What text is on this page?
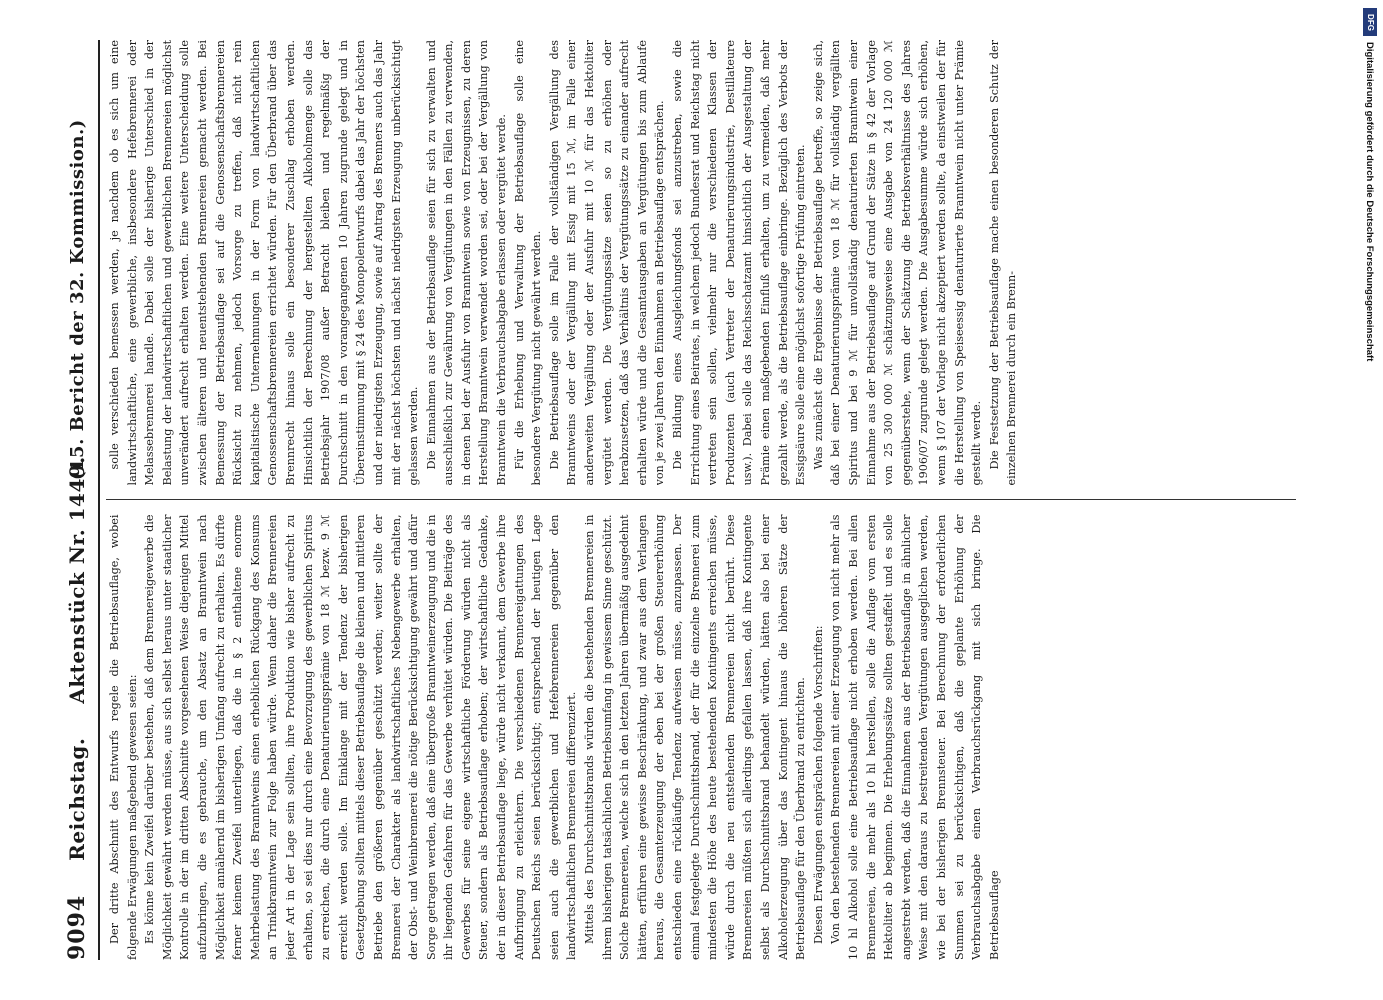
9094
Reichstag.
Aktenstück Nr. 1449.
(15. Bericht der 32. Kommission.)

Der dritte Abschnitt des Entwurfs regele die Betriebsauflage, wobei folgende Erwägungen maßgebend gewesen seien: Es könne kein Zweifel darüber bestehen, daß dem Brennereigewerbe die Möglichkeit gewährt werden müsse, aus sich selbst heraus unter staatlicher Kontrolle in der im dritten Abschnitte vorgesehenen Weise diejenigen Mittel aufzubringen, die es gebrauche, um den Absatz an Branntwein nach Möglichkeit annähernd im bisherigen Umfang aufrecht zu erhalten. Es dürfte ferner keinem Zweifel unterliegen, daß die in § 2 enthaltene enorme Mehrbelastung des Branntweins einen erheblichen Rückgang des Konsums an Trinkbranntwein zur Folge haben würde. Wenn daher die Brennereien jeder Art in der Lage sein sollten, ihre Produktion wie bisher aufrecht zu erhalten, so sei dies nur durch eine Bevorzugung des gewerblichen Spiritus zu erreichen, die durch eine Denaturierungsprämie von 18 ℳ bezw. 9 ℳ erreicht werden solle. Im Einklange mit der Tendenz der bisherigen Gesetzgebung sollten mittels dieser Betriebsauflage die kleinen und mittleren Betriebe den größeren gegenüber geschützt werden; weiter sollte der Brennerei der Charakter als landwirtschaftliches Nebengewerbe erhalten, der Obst- und Weinbrennerei die nötige Berücksichtigung gewährt und dafür Sorge getragen werden, daß eine übergroße Branntweinerzeugung und die in ihr liegenden Gefahren für das Gewerbe verhütet würden. Die Beiträge des Gewerbes für seine eigene wirtschaftliche Förderung würden nicht als Steuer, sondern als Betriebsauflage erhoben; der wirtschaftliche Gedanke, der in dieser Betriebsauflage liege, würde nicht verkannt, dem Gewerbe ihre Aufbringung zu erleichtern. Die verschiedenen Brennereigattungen des Deutschen Reichs seien berücksichtigt; entsprechend der heutigen Lage seien auch die gewerblichen und Hefebrennereien gegenüber den landwirtschaftlichen Brennereien differenziert. Mittels des Durchschnittsbrands würden die bestehenden Brennereien in ihrem bisherigen tatsächlichen Betriebsumfang in gewissem Sinne geschützt. Solche Brennereien, welche sich in den letzten Jahren übermäßig ausgedehnt hätten, erführen eine gewisse Beschränkung, und zwar aus dem Verlangen heraus, die Gesamterzeugung der eben bei der großen Steuererhöhung entschieden eine rückläufige Tendenz aufweisen müsse, anzupassen. Der einmal festgelegte Durchschnittsbrand, der für die einzelne Brennerei zum mindesten die Höhe des heute bestehenden Kontingents erreichen müsse, würde durch die neu entstehenden Brennereien nicht berührt. Diese Brennereien müßten sich allerdings gefallen lassen, daß ihre Kontingente selbst als Durchschnittsbrand behandelt würden, hätten also bei einer Alkoholerzeugung über das Kontingent hinaus die höheren Sätze der Betriebsauflage für den Überbrand zu entrichten. Diesen Erwägungen entsprächen folgende Vorschriften: Von den bestehenden Brennereien mit einer Erzeugung von nicht mehr als 10 hl Alkohol solle eine Betriebsauflage nicht erhoben werden. Bei allen Brennereien, die mehr als 10 hl herstellen, solle die Auflage vom ersten Hektoliter ab beginnen. Die Erhebungssätze sollten gestaffelt und es solle angestrebt werden, daß die Einnahmen aus der Betriebsauflage in ähnlicher Weise mit den daraus zu bestreitenden Vergütungen ausgeglichen werden, wie bei der bisherigen Brennsteuer. Bei Berechnung der erforderlichen Summen sei zu berücksichtigen, daß die geplante Erhöhung der Verbrauchsabgabe einen Verbrauchsrückgang mit sich bringe. Die Betriebsauflage

solle verschieden bemessen werden, je nachdem ob es sich um eine landwirtschaftliche, eine gewerbliche, insbesondere Hefebrennerei oder Melassebrennerei handle. Dabei solle der bisherige Unterschied in der Belastung der landwirtschaftlichen und gewerblichen Brennereien möglichst unverändert aufrecht erhalten werden. Eine weitere Unterscheidung solle zwischen älteren und neuentstehenden Brennereien gemacht werden. Bei Bemessung der Betriebsauflage sei auf die Genossenschaftsbrennereien Rücksicht zu nehmen, jedoch Vorsorge zu treffen, daß nicht rein kapitalistische Unternehmungen in der Form von landwirtschaftlichen Genossenschaftsbrennereien errichtet würden. Für den Überbrand über das Brennrecht hinaus solle ein besonderer Zuschlag erhoben werden. Hinsichtlich der Berechnung der hergestellten Alkoholmenge solle das Betriebsjahr 1907/08 außer Betracht bleiben und regelmäßig der Durchschnitt in den vorangegangenen 10 Jahren zugrunde gelegt und in Übereinstimmung mit § 24 des Monopolentwurfs dabei das Jahr der höchsten und der niedrigsten Erzeugung, sowie auf Antrag des Brenners auch das Jahr mit der nächst höchsten und nächst niedrigsten Erzeugung unberücksichtigt gelassen werden. Die Einnahmen aus der Betriebsauflage seien für sich zu verwalten und ausschließlich zur Gewährung von Vergütungen in den Fällen zu verwenden, in denen bei der Ausfuhr von Branntwein sowie von Erzeugnissen, zu deren Herstellung Branntwein verwendet worden sei, oder bei der Vergällung von Branntwein die Verbrauchsabgabe erlassen oder vergütet werde. Für die Erhebung und Verwaltung der Betriebsauflage solle eine besondere Vergütung nicht gewährt werden. Die Betriebsauflage solle im Falle der vollständigen Vergällung des Branntweins oder der Vergällung mit Essig mit 15 ℳ, im Falle einer anderweiten Vergällung oder der Ausfuhr mit 10 ℳ für das Hektoliter vergütet werden. Die Vergütungssätze seien so zu erhöhen oder herabzusetzen, daß das Verhältnis der Vergütungssätze zu einander aufrecht erhalten würde und die Gesamtausgaben an Vergütungen bis zum Ablaufe von je zwei Jahren den Einnahmen an Betriebsauflage entsprächen. Die Bildung eines Ausgleichungsfonds sei anzustreben, sowie die Errichtung eines Beirates, in welchem jedoch Bundesrat und Reichstag nicht vertreten sein sollen, vielmehr nur die verschiedenen Klassen der Produzenten (auch Vertreter der Denaturierungsindustrie, Destillateure usw.). Dabei solle das Reichsschatzamt hinsichtlich der Ausgestaltung der Prämie einen maßgebenden Einfluß erhalten, um zu vermeiden, daß mehr gezahlt werde, als die Betriebsauflage einbringe. Bezüglich des Verbots der Essigsäure solle eine möglichst sofortige Prüfung eintreten. Was zunächst die Ergebnisse der Betriebsauflage betreffe, so zeige sich, daß bei einer Denaturierungsprämie von 18 ℳ für vollständig vergällten Spiritus und bei 9 ℳ für unvollständig denaturierten Branntwein einer Einnahme aus der Betriebsauflage auf Grund der Sätze in § 42 der Vorlage von 25 300 000 ℳ schätzungsweise eine Ausgabe von 24 120 000 ℳ gegenüberstehe, wenn der Schätzung die Betriebsverhältnisse des Jahres 1906/07 zugrunde gelegt werden. Die Ausgabesumme würde sich erhöhen, wenn § 107 der Vorlage nicht akzeptiert werden sollte, da einstweilen der für die Herstellung von Speiseessig denaturierte Branntwein nicht unter Prämie gestellt werde. Die Festsetzung der Betriebsauflage mache einen besonderen Schutz der einzelnen Brennerei durch ein Brenn-

DFG
Digitalisierung gefördert durch die Deutsche Forschungsgemeinschaft
